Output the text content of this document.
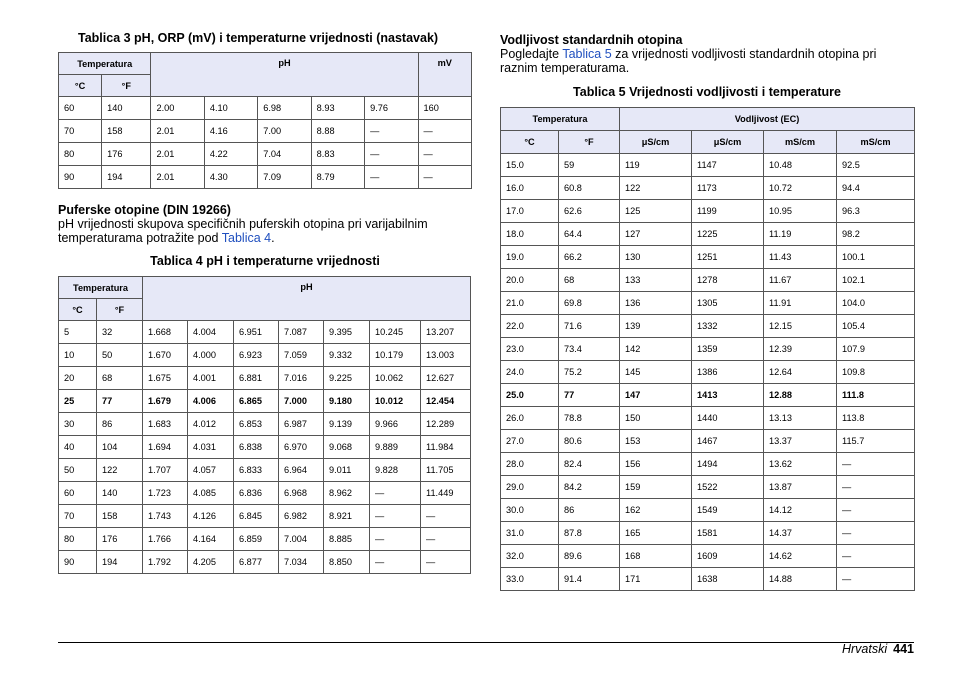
Tablica 3 pH, ORP (mV) i temperaturne vrijednosti (nastavak)

Temperatura		pH					mV
°C	°F						
60	140	2.00	4.10	6.98	8.93	9.76	160
70	158	2.01	4.16	7.00	8.88	—	—
80	176	2.01	4.22	7.04	8.83	—	—
90	194	2.01	4.30	7.09	8.79	—	—

Puferske otopine (DIN 19266)

pH vrijednosti skupova specifičnih puferskih otopina pri varijabilnim
temperaturama potražite pod Tablica 4.

Tablica 4 pH i temperaturne vrijednosti

Temperatura		pH						
°C	°F							
5	32	1.668	4.004	6.951	7.087	9.395	10.245	13.207
10	50	1.670	4.000	6.923	7.059	9.332	10.179	13.003
20	68	1.675	4.001	6.881	7.016	9.225	10.062	12.627
25	77	1.679	4.006	6.865	7.000	9.180	10.012	12.454
30	86	1.683	4.012	6.853	6.987	9.139	9.966	12.289
40	104	1.694	4.031	6.838	6.970	9.068	9.889	11.984
50	122	1.707	4.057	6.833	6.964	9.011	9.828	11.705
60	140	1.723	4.085	6.836	6.968	8.962	—	11.449
70	158	1.743	4.126	6.845	6.982	8.921	—	—
80	176	1.766	4.164	6.859	7.004	8.885	—	—
90	194	1.792	4.205	6.877	7.034	8.850	—	—

Vodljivost standardnih otopina

Pogledajte Tablica 5 za vrijednosti vodljivosti standardnih otopina pri
raznim temperaturama.

Tablica 5 Vrijednosti vodljivosti i temperature

Temperatura		Vodljivost (EC)			
°C	°F	μS/cm	μS/cm	mS/cm	mS/cm
15.0	59	119	1147	10.48	92.5
16.0	60.8	122	1173	10.72	94.4
17.0	62.6	125	1199	10.95	96.3
18.0	64.4	127	1225	11.19	98.2
19.0	66.2	130	1251	11.43	100.1
20.0	68	133	1278	11.67	102.1
21.0	69.8	136	1305	11.91	104.0
22.0	71.6	139	1332	12.15	105.4
23.0	73.4	142	1359	12.39	107.9
24.0	75.2	145	1386	12.64	109.8
25.0	77	147	1413	12.88	111.8
26.0	78.8	150	1440	13.13	113.8
27.0	80.6	153	1467	13.37	115.7
28.0	82.4	156	1494	13.62	—
29.0	84.2	159	1522	13.87	—
30.0	86	162	1549	14.12	—
31.0	87.8	165	1581	14.37	—
32.0	89.6	168	1609	14.62	—
33.0	91.4	171	1638	14.88	—
Hrvatski 441
